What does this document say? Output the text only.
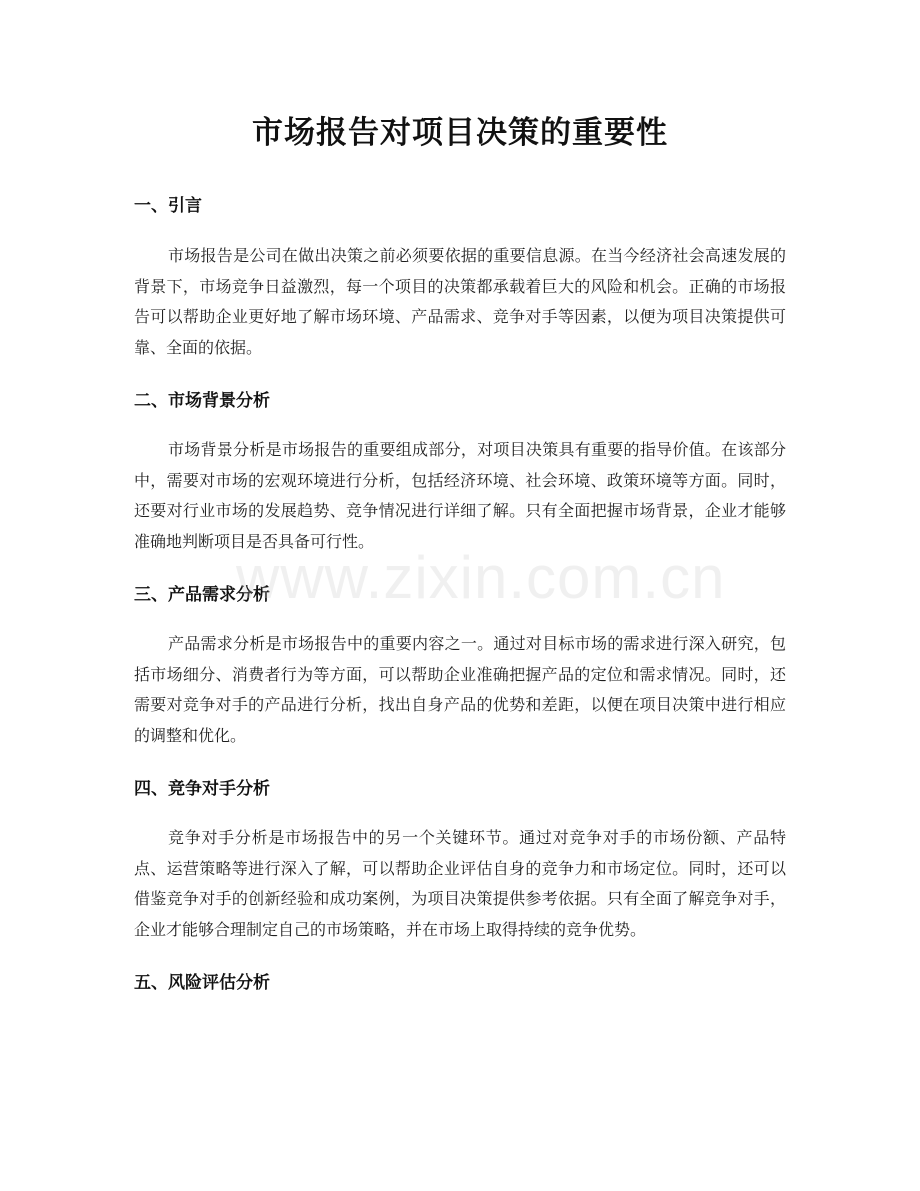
市场报告对项目决策的重要性
一、引言

市场报告是公司在做出决策之前必须要依据的重要信息源。在当今经济社会高速发展的背景下，市场竞争日益激烈，每一个项目的决策都承载着巨大的风险和机会。正确的市场报告可以帮助企业更好地了解市场环境、产品需求、竞争对手等因素，以便为项目决策提供可靠、全面的依据。

二、市场背景分析

市场背景分析是市场报告的重要组成部分，对项目决策具有重要的指导价值。在该部分中，需要对市场的宏观环境进行分析，包括经济环境、社会环境、政策环境等方面。同时，还要对行业市场的发展趋势、竞争情况进行详细了解。只有全面把握市场背景，企业才能够准确地判断项目是否具备可行性。

三、产品需求分析

产品需求分析是市场报告中的重要内容之一。通过对目标市场的需求进行深入研究，包括市场细分、消费者行为等方面，可以帮助企业准确把握产品的定位和需求情况。同时，还需要对竞争对手的产品进行分析，找出自身产品的优势和差距，以便在项目决策中进行相应的调整和优化。

四、竞争对手分析

竞争对手分析是市场报告中的另一个关键环节。通过对竞争对手的市场份额、产品特点、运营策略等进行深入了解，可以帮助企业评估自身的竞争力和市场定位。同时，还可以借鉴竞争对手的创新经验和成功案例，为项目决策提供参考依据。只有全面了解竞争对手，企业才能够合理制定自己的市场策略，并在市场上取得持续的竞争优势。

五、风险评估分析
www.zixin.com.cn
